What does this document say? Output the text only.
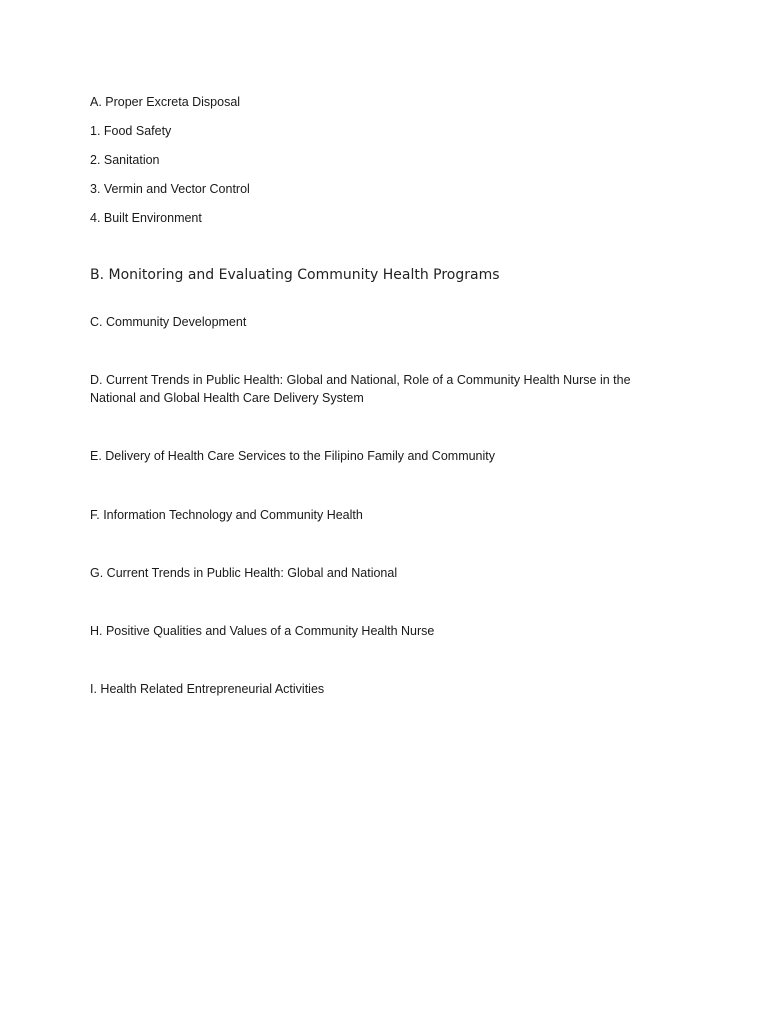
A. Proper Excreta Disposal
1. Food Safety
2. Sanitation
3. Vermin and Vector Control
4. Built Environment
B. Monitoring and Evaluating Community Health Programs
C. Community Development
D. Current Trends in Public Health: Global and National, Role of a Community Health Nurse in the National and Global Health Care Delivery System
E. Delivery of Health Care Services to the Filipino Family and Community
F. Information Technology and Community Health
G. Current Trends in Public Health: Global and National
H. Positive Qualities and Values of a Community Health Nurse
I. Health Related Entrepreneurial Activities
